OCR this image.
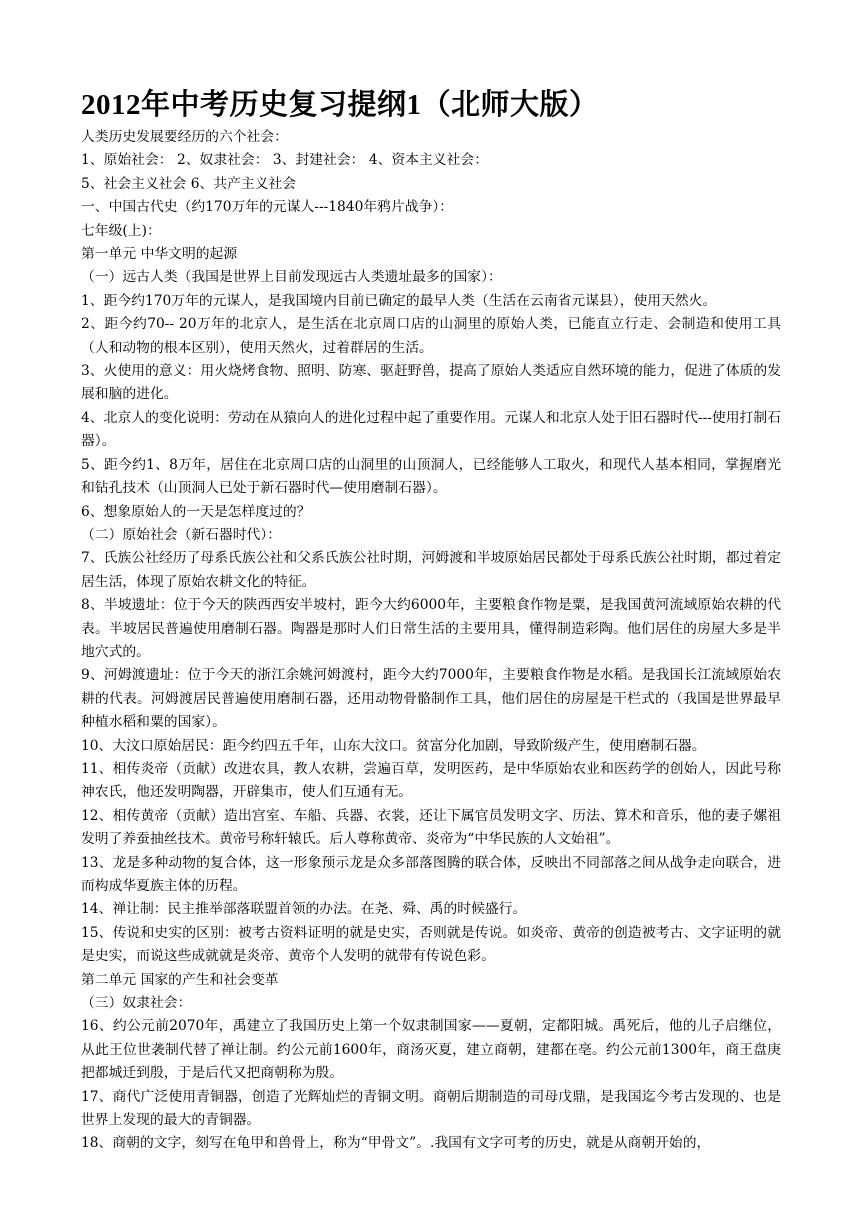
2012年中考历史复习提纲1（北师大版）

人类历史发展要经历的六个社会：

1、原始社会： 2、奴隶社会： 3、封建社会： 4、资本主义社会：

5、社会主义社会 6、共产主义社会

一、中国古代史（约170万年的元谋人---1840年鸦片战争）：

七年级(上)：

第一单元 中华文明的起源

（一）远古人类（我国是世界上目前发现远古人类遗址最多的国家）：

1、距今约170万年的元谋人，是我国境内目前已确定的最早人类（生活在云南省元谋县），使用天然火。

2、距今约70-- 20万年的北京人，是生活在北京周口店的山洞里的原始人类，已能直立行走、会制造和使用工具（人和动物的根本区别），使用天然火，过着群居的生活。

3、火使用的意义：用火烧烤食物、照明、防寒、驱赶野兽，提高了原始人类适应自然环境的能力，促进了体质的发展和脑的进化。

4、北京人的变化说明：劳动在从猿向人的进化过程中起了重要作用。元谋人和北京人处于旧石器时代---使用打制石器）。

5、距今约1、8万年，居住在北京周口店的山洞里的山顶洞人，已经能够人工取火，和现代人基本相同，掌握磨光和钻孔技术（山顶洞人已处于新石器时代—使用磨制石器）。

6、想象原始人的一天是怎样度过的？

（二）原始社会（新石器时代）：

7、氏族公社经历了母系氏族公社和父系氏族公社时期，河姆渡和半坡原始居民都处于母系氏族公社时期，都过着定居生活，体现了原始农耕文化的特征。

8、半坡遗址：位于今天的陕西西安半坡村，距今大约6000年，主要粮食作物是粟，是我国黄河流域原始农耕的代表。半坡居民普遍使用磨制石器。陶器是那时人们日常生活的主要用具，懂得制造彩陶。他们居住的房屋大多是半地穴式的。

9、河姆渡遗址：位于今天的浙江余姚河姆渡村，距今大约7000年，主要粮食作物是水稻。是我国长江流域原始农耕的代表。河姆渡居民普遍使用磨制石器，还用动物骨骼制作工具，他们居住的房屋是干栏式的（我国是世界最早种植水稻和粟的国家）。

10、大汶口原始居民：距今约四五千年，山东大汶口。贫富分化加剧，导致阶级产生，使用磨制石器。

11、相传炎帝（贡献）改进农具，教人农耕，尝遍百草，发明医药，是中华原始农业和医药学的创始人，因此号称神农氏，他还发明陶器，开辟集市，使人们互通有无。

12、相传黄帝（贡献）造出宫室、车船、兵器、衣裳，还让下属官员发明文字、历法、算术和音乐，他的妻子嫘祖发明了养蚕抽丝技术。黄帝号称轩辕氏。后人尊称黄帝、炎帝为“中华民族的人文始祖”。

13、龙是多种动物的复合体，这一形象预示龙是众多部落图腾的联合体，反映出不同部落之间从战争走向联合，进而构成华夏族主体的历程。

14、禅让制：民主推举部落联盟首领的办法。在尧、舜、禹的时候盛行。

15、传说和史实的区别：被考古资料证明的就是史实，否则就是传说。如炎帝、黄帝的创造被考古、文字证明的就是史实，而说这些成就就是炎帝、黄帝个人发明的就带有传说色彩。

第二单元 国家的产生和社会变革

（三）奴隶社会：

16、约公元前2070年，禹建立了我国历史上第一个奴隶制国家——夏朝，定都阳城。禹死后，他的儿子启继位，从此王位世袭制代替了禅让制。约公元前1600年，商汤灭夏，建立商朝，建都在亳。约公元前1300年，商王盘庚把都城迁到殷，于是后代又把商朝称为殷。

17、商代广泛使用青铜器，创造了光辉灿烂的青铜文明。商朝后期制造的司母戊鼎，是我国迄今考古发现的、也是世界上发现的最大的青铜器。

18、商朝的文字，刻写在龟甲和兽骨上，称为“甲骨文”。.我国有文字可考的历史，就是从商朝开始的，
